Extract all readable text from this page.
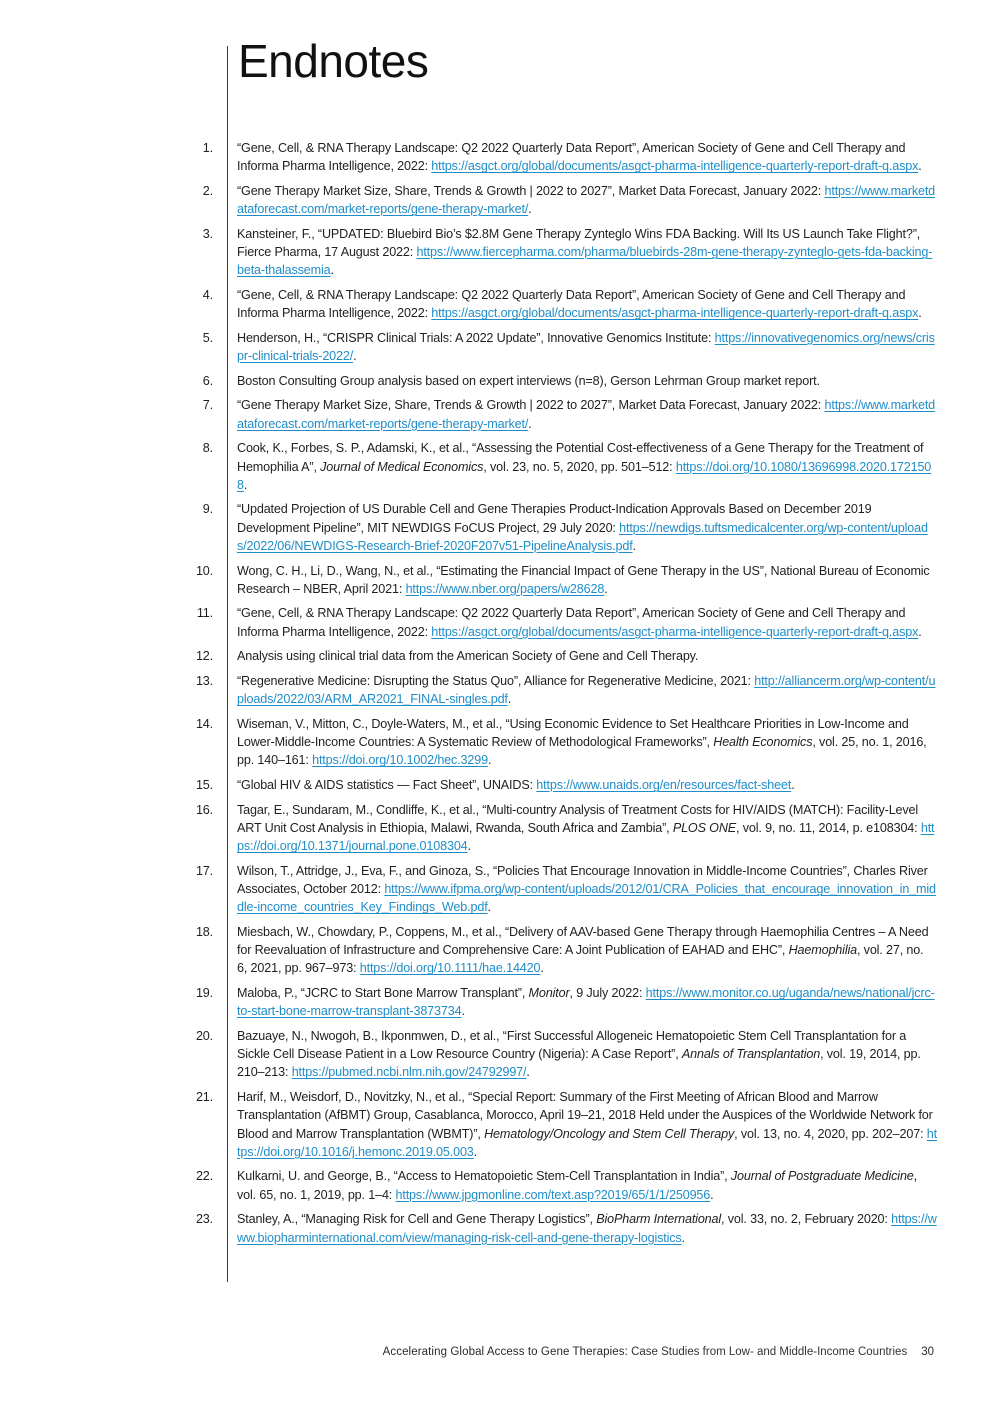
Endnotes
1. “Gene, Cell, & RNA Therapy Landscape: Q2 2022 Quarterly Data Report”, American Society of Gene and Cell Therapy and Informa Pharma Intelligence, 2022: https://asgct.org/global/documents/asgct-pharma-intelligence-quarterly-report-draft-q.aspx.
2. “Gene Therapy Market Size, Share, Trends & Growth | 2022 to 2027”, Market Data Forecast, January 2022: https://www.marketdataforecast.com/market-reports/gene-therapy-market/.
3. Kansteiner, F., “UPDATED: Bluebird Bio’s $2.8M Gene Therapy Zynteglo Wins FDA Backing. Will Its US Launch Take Flight?”, Fierce Pharma, 17 August 2022: https://www.fiercepharma.com/pharma/bluebirds-28m-gene-therapy-zynteglo-gets-fda-backing-beta-thalassemia.
4. “Gene, Cell, & RNA Therapy Landscape: Q2 2022 Quarterly Data Report”, American Society of Gene and Cell Therapy and Informa Pharma Intelligence, 2022: https://asgct.org/global/documents/asgct-pharma-intelligence-quarterly-report-draft-q.aspx.
5. Henderson, H., “CRISPR Clinical Trials: A 2022 Update”, Innovative Genomics Institute: https://innovativegenomics.org/news/crispr-clinical-trials-2022/.
6. Boston Consulting Group analysis based on expert interviews (n=8), Gerson Lehrman Group market report.
7. “Gene Therapy Market Size, Share, Trends & Growth | 2022 to 2027”, Market Data Forecast, January 2022: https://www.marketdataforecast.com/market-reports/gene-therapy-market/.
8. Cook, K., Forbes, S. P., Adamski, K., et al., “Assessing the Potential Cost-effectiveness of a Gene Therapy for the Treatment of Hemophilia A”, Journal of Medical Economics, vol. 23, no. 5, 2020, pp. 501–512: https://doi.org/10.1080/13696998.2020.1721508.
9. “Updated Projection of US Durable Cell and Gene Therapies Product-Indication Approvals Based on December 2019 Development Pipeline”, MIT NEWDIGS FoCUS Project, 29 July 2020: https://newdigs.tuftsmedicalcenter.org/wp-content/uploads/2022/06/NEWDIGS-Research-Brief-2020F207v51-PipelineAnalysis.pdf.
10. Wong, C. H., Li, D., Wang, N., et al., “Estimating the Financial Impact of Gene Therapy in the US”, National Bureau of Economic Research – NBER, April 2021: https://www.nber.org/papers/w28628.
11. “Gene, Cell, & RNA Therapy Landscape: Q2 2022 Quarterly Data Report”, American Society of Gene and Cell Therapy and Informa Pharma Intelligence, 2022: https://asgct.org/global/documents/asgct-pharma-intelligence-quarterly-report-draft-q.aspx.
12. Analysis using clinical trial data from the American Society of Gene and Cell Therapy.
13. “Regenerative Medicine: Disrupting the Status Quo”, Alliance for Regenerative Medicine, 2021: http://alliancerm.org/wp-content/uploads/2022/03/ARM_AR2021_FINAL-singles.pdf.
14. Wiseman, V., Mitton, C., Doyle-Waters, M., et al., “Using Economic Evidence to Set Healthcare Priorities in Low-Income and Lower-Middle-Income Countries: A Systematic Review of Methodological Frameworks”, Health Economics, vol. 25, no. 1, 2016, pp. 140–161: https://doi.org/10.1002/hec.3299.
15. “Global HIV & AIDS statistics — Fact Sheet”, UNAIDS: https://www.unaids.org/en/resources/fact-sheet.
16. Tagar, E., Sundaram, M., Condliffe, K., et al., “Multi-country Analysis of Treatment Costs for HIV/AIDS (MATCH): Facility-Level ART Unit Cost Analysis in Ethiopia, Malawi, Rwanda, South Africa and Zambia”, PLOS ONE, vol. 9, no. 11, 2014, p. e108304: https://doi.org/10.1371/journal.pone.0108304.
17. Wilson, T., Attridge, J., Eva, F., and Ginoza, S., “Policies That Encourage Innovation in Middle-Income Countries”, Charles River Associates, October 2012: https://www.ifpma.org/wp-content/uploads/2012/01/CRA_Policies_that_encourage_innovation_in_middle-income_countries_Key_Findings_Web.pdf.
18. Miesbach, W., Chowdary, P., Coppens, M., et al., “Delivery of AAV-based Gene Therapy through Haemophilia Centres – A Need for Reevaluation of Infrastructure and Comprehensive Care: A Joint Publication of EAHAD and EHC”, Haemophilia, vol. 27, no. 6, 2021, pp. 967–973: https://doi.org/10.1111/hae.14420.
19. Maloba, P., “JCRC to Start Bone Marrow Transplant”, Monitor, 9 July 2022: https://www.monitor.co.ug/uganda/news/national/jcrc-to-start-bone-marrow-transplant-3873734.
20. Bazuaye, N., Nwogoh, B., Ikponmwen, D., et al., “First Successful Allogeneic Hematopoietic Stem Cell Transplantation for a Sickle Cell Disease Patient in a Low Resource Country (Nigeria): A Case Report”, Annals of Transplantation, vol. 19, 2014, pp. 210–213: https://pubmed.ncbi.nlm.nih.gov/24792997/.
21. Harif, M., Weisdorf, D., Novitzky, N., et al., “Special Report: Summary of the First Meeting of African Blood and Marrow Transplantation (AfBMT) Group, Casablanca, Morocco, April 19–21, 2018 Held under the Auspices of the Worldwide Network for Blood and Marrow Transplantation (WBMT)”, Hematology/Oncology and Stem Cell Therapy, vol. 13, no. 4, 2020, pp. 202–207: https://doi.org/10.1016/j.hemonc.2019.05.003.
22. Kulkarni, U. and George, B., “Access to Hematopoietic Stem-Cell Transplantation in India”, Journal of Postgraduate Medicine, vol. 65, no. 1, 2019, pp. 1–4: https://www.jpgmonline.com/text.asp?2019/65/1/1/250956.
23. Stanley, A., “Managing Risk for Cell and Gene Therapy Logistics”, BioPharm International, vol. 33, no. 2, February 2020: https://www.biopharminternational.com/view/managing-risk-cell-and-gene-therapy-logistics.
Accelerating Global Access to Gene Therapies: Case Studies from Low- and Middle-Income Countries 30
